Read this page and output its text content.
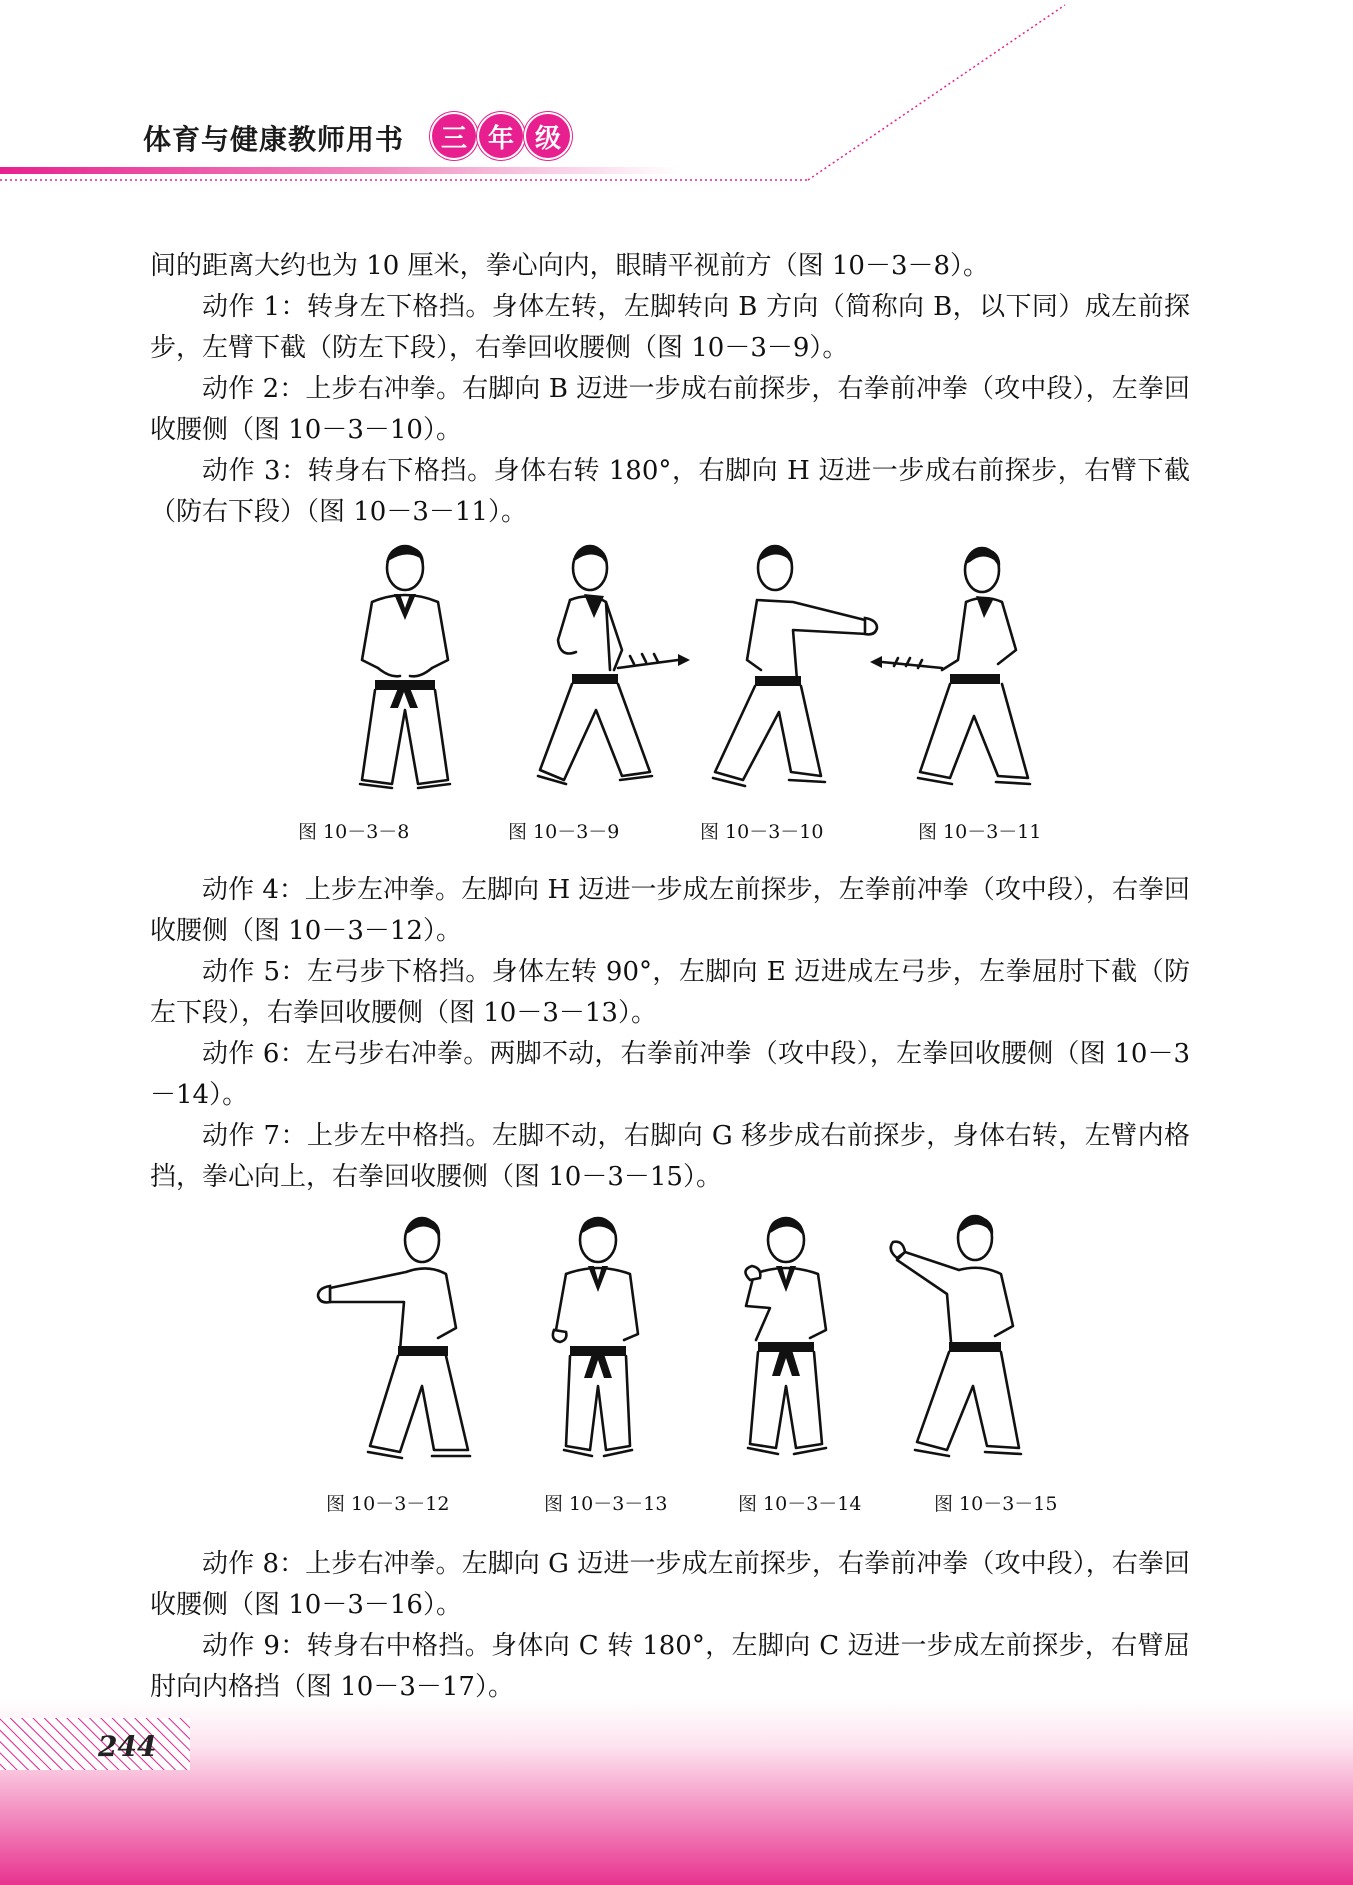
体育与健康教师用书	三 年 级

间的距离大约也为 10 厘米，拳心向内，眼睛平视前方（图 10－3－8）。

动作 1：转身左下格挡。身体左转，左脚转向 B 方向（简称向 B，以下同）成左前探步，左臂下截（防左下段），右拳回收腰侧（图 10－3－9）。

动作 2：上步右冲拳。右脚向 B 迈进一步成右前探步，右拳前冲拳（攻中段），左拳回收腰侧（图 10－3－10）。

动作 3：转身右下格挡。身体右转 180°，右脚向 H 迈进一步成右前探步，右臂下截（防右下段）（图 10－3－11）。

图 10－3－8	图 10－3－9	图 10－3－10	图 10－3－11

动作 4：上步左冲拳。左脚向 H 迈进一步成左前探步，左拳前冲拳（攻中段），右拳回收腰侧（图 10－3－12）。

动作 5：左弓步下格挡。身体左转 90°，左脚向 E 迈进成左弓步，左拳屈肘下截（防左下段），右拳回收腰侧（图 10－3－13）。

动作 6：左弓步右冲拳。两脚不动，右拳前冲拳（攻中段），左拳回收腰侧（图 10－3－14）。

动作 7：上步左中格挡。左脚不动，右脚向 G 移步成右前探步，身体右转，左臂内格挡，拳心向上，右拳回收腰侧（图 10－3－15）。

图 10－3－12	图 10－3－13	图 10－3－14	图 10－3－15

动作 8：上步右冲拳。左脚向 G 迈进一步成左前探步，右拳前冲拳（攻中段），右拳回收腰侧（图 10－3－16）。

动作 9：转身右中格挡。身体向 C 转 180°，左脚向 C 迈进一步成左前探步，右臂屈肘向内格挡（图 10－3－17）。

244
